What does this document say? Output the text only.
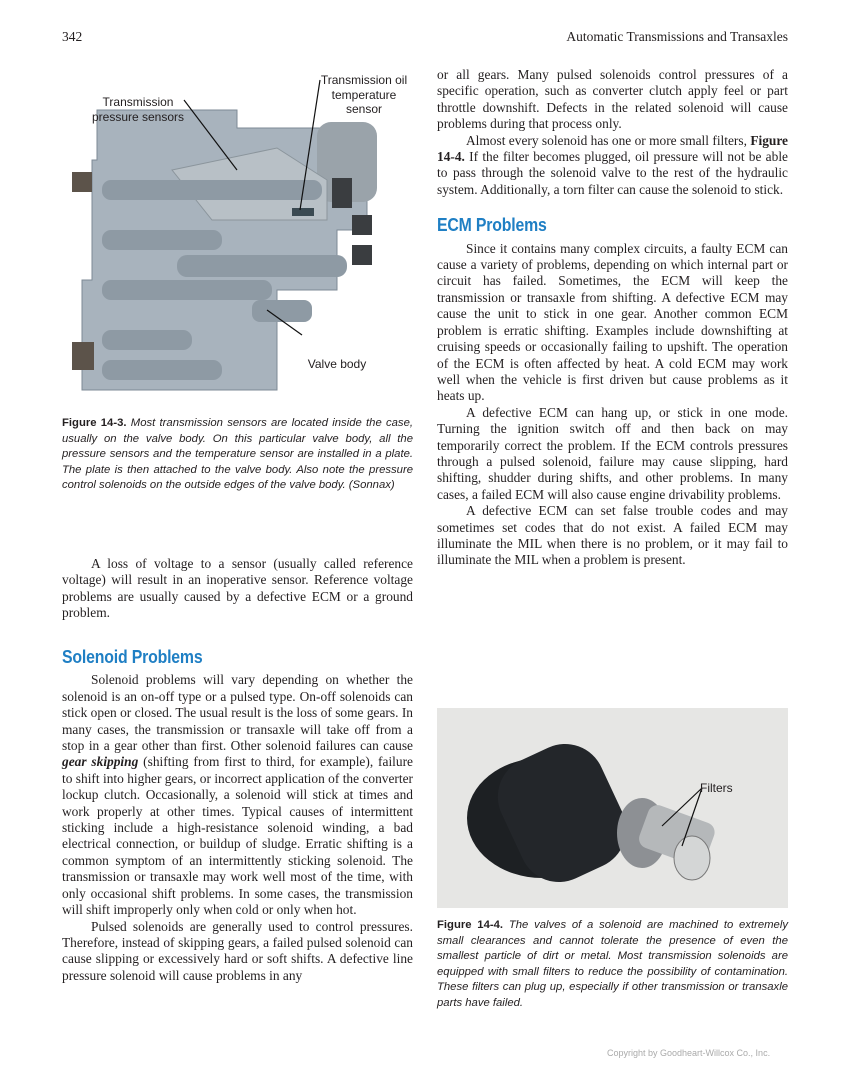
342	Automatic Transmissions and Transaxles
Transmission pressure sensors
Transmission oil temperature sensor
Valve body
Figure 14-3. Most transmission sensors are located inside the case, usually on the valve body. On this particular valve body, all the pressure sensors and the temperature sensor are installed in a plate. The plate is then attached to the valve body. Also note the pressure control solenoids on the outside edges of the valve body. (Sonnax)

A loss of voltage to a sensor (usually called reference voltage) will result in an inoperative sensor. Reference voltage problems are usually caused by a defective ECM or a ground problem.

Solenoid Problems

Solenoid problems will vary depending on whether the solenoid is an on-off type or a pulsed type. On-off solenoids can stick open or closed. The usual result is the loss of some gears. In many cases, the transmission or transaxle will take off from a stop in a gear other than first. Other solenoid failures can cause gear skipping (shifting from first to third, for example), failure to shift into higher gears, or incorrect application of the converter lockup clutch. Occasionally, a solenoid will stick at times and work properly at other times. Typical causes of intermittent sticking include a high-resistance solenoid winding, a bad electrical connection, or buildup of sludge. Erratic shifting is a common symptom of an intermittently sticking solenoid. The transmission or transaxle may work well most of the time, with only occasional shift problems. In some cases, the transmission will shift improperly only when cold or only when hot.

Pulsed solenoids are generally used to control pressures. Therefore, instead of skipping gears, a failed pulsed solenoid can cause slipping or excessively hard or soft shifts. A defective line pressure solenoid will cause problems in any

or all gears. Many pulsed solenoids control pressures of a specific operation, such as converter clutch apply feel or part throttle downshift. Defects in the related solenoid will cause problems during that process only.

Almost every solenoid has one or more small filters, Figure 14-4. If the filter becomes plugged, oil pressure will not be able to pass through the solenoid valve to the rest of the hydraulic system. Additionally, a torn filter can cause the solenoid to stick.

ECM Problems

Since it contains many complex circuits, a faulty ECM can cause a variety of problems, depending on which internal part or circuit has failed. Sometimes, the ECM will keep the transmission or transaxle from shifting. A defective ECM may cause the unit to stick in one gear. Another common ECM problem is erratic shifting. Examples include downshifting at cruising speeds or occasionally failing to upshift. The operation of the ECM is often affected by heat. A cold ECM may work well when the vehicle is first driven but cause problems as it heats up.

A defective ECM can hang up, or stick in one mode. Turning the ignition switch off and then back on may temporarily correct the problem. If the ECM controls pressures through a pulsed solenoid, failure may cause slipping, hard shifting, shudder during shifts, and other problems. In many cases, a failed ECM will also cause engine drivability problems.

A defective ECM can set false trouble codes and may sometimes set codes that do not exist. A failed ECM may illuminate the MIL when there is no problem, or it may fail to illuminate the MIL when a problem is present.

Filters
Figure 14-4. The valves of a solenoid are machined to extremely small clearances and cannot tolerate the presence of even the smallest particle of dirt or metal. Most transmission solenoids are equipped with small filters to reduce the possibility of contamination. These filters can plug up, especially if other transmission or transaxle parts have failed.
Copyright by Goodheart-Willcox Co., Inc.
